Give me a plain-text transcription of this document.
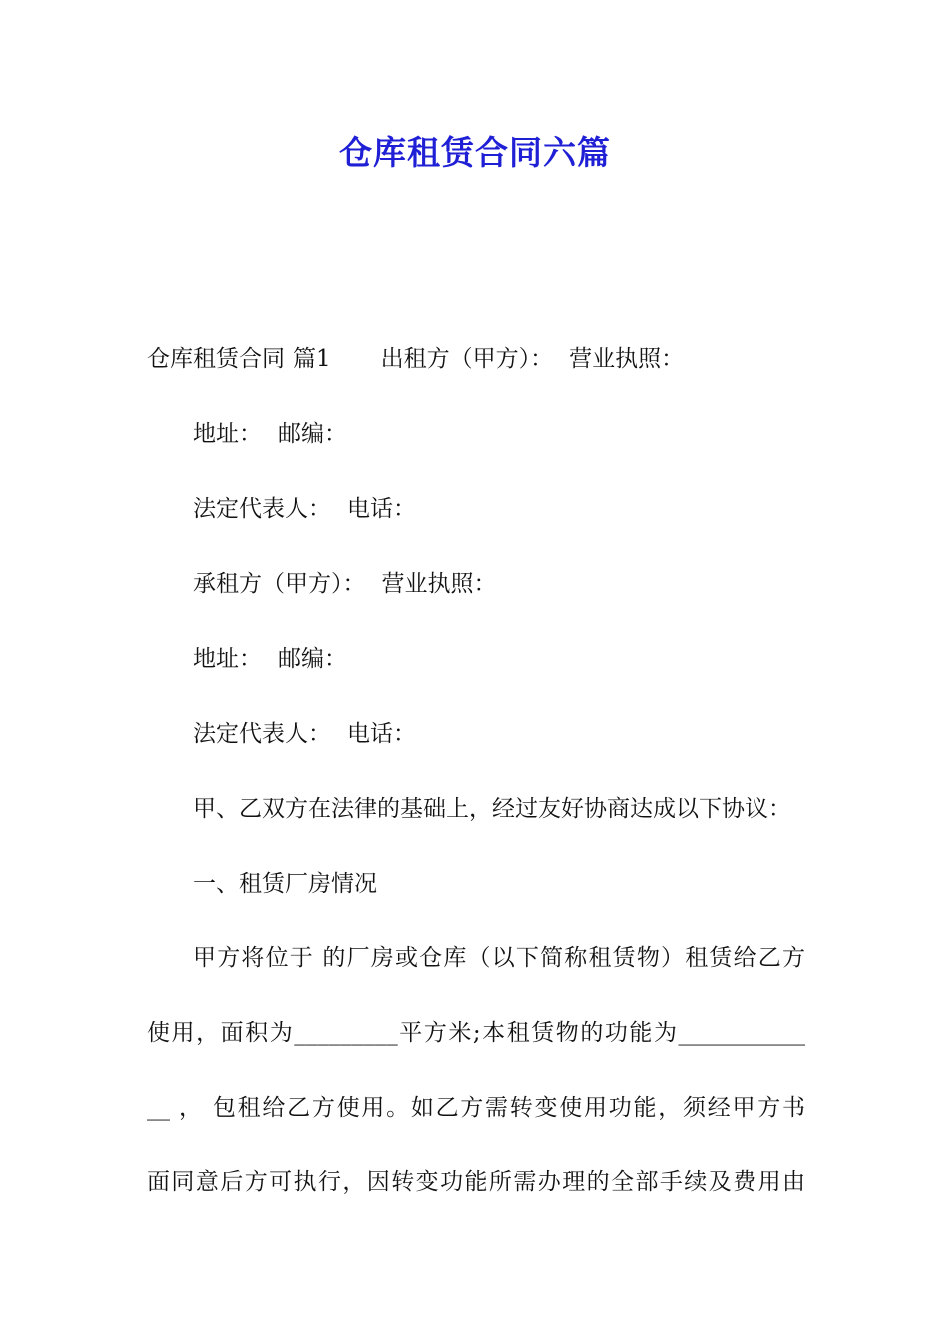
仓库租赁合同六篇
仓库租赁合同 篇1 出租方（甲方）： 营业执照：
地址： 邮编：
法定代表人： 电话：
承租方（甲方）： 营业执照：
地址： 邮编：
法定代表人： 电话：
甲、乙双方在法律的基础上，经过友好协商达成以下协议：
一、租赁厂房情况
甲方将位于 的厂房或仓库（以下简称租赁物）租赁给乙方
使用，面积为_________平方米;本租赁物的功能为___________
__ ， 包租给乙方使用。如乙方需转变使用功能，须经甲方书
面同意后方可执行，因转变功能所需办理的全部手续及费用由
